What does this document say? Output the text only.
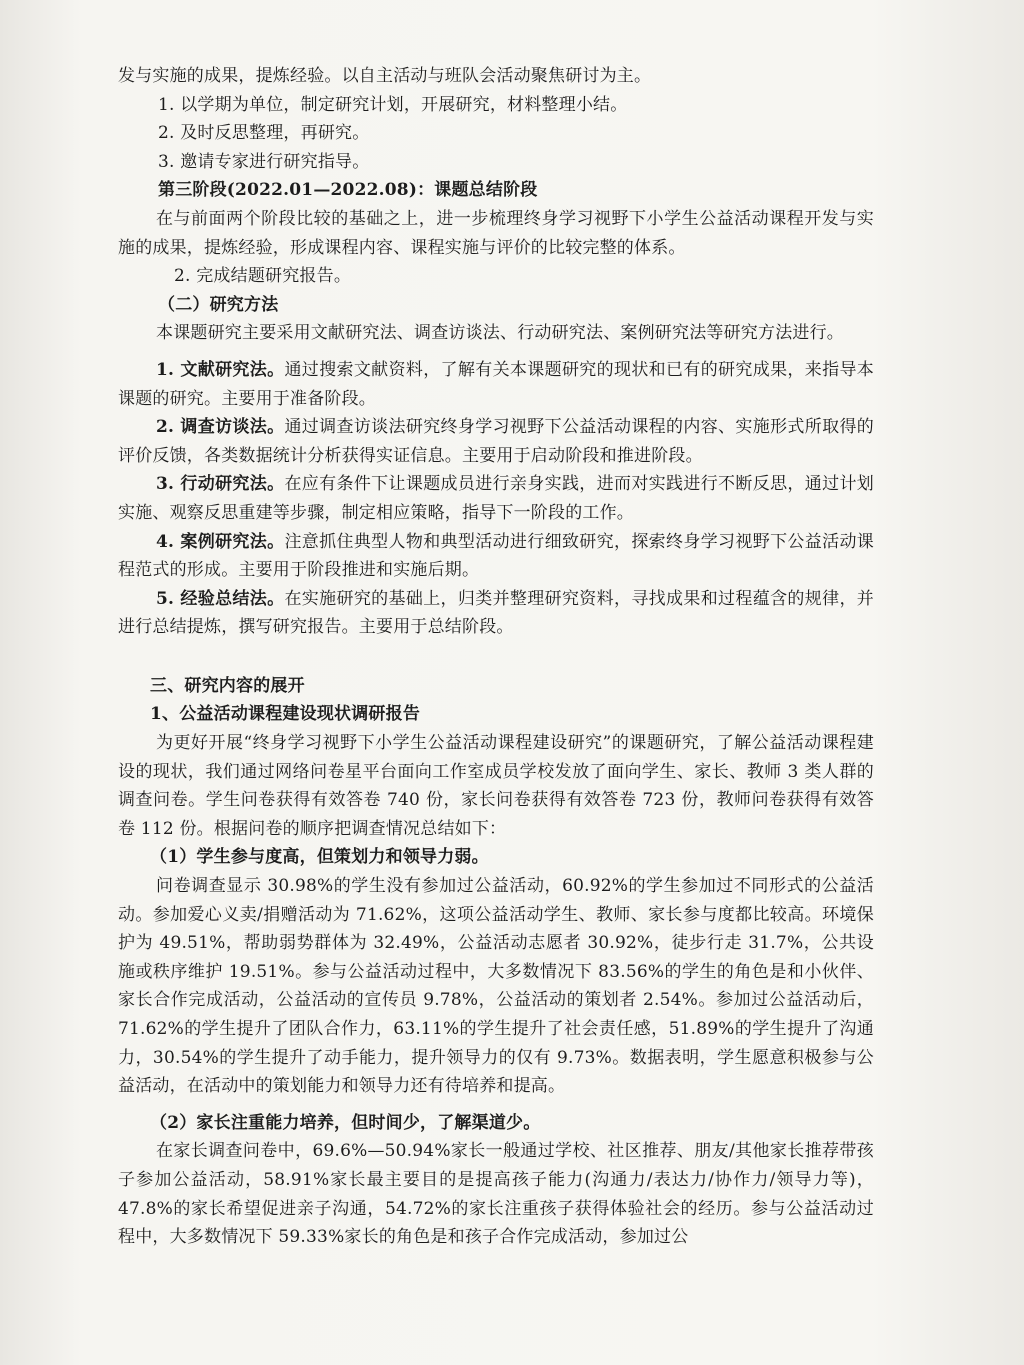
发与实施的成果，提炼经验。以自主活动与班队会活动聚焦研讨为主。

1. 以学期为单位，制定研究计划，开展研究，材料整理小结。

2. 及时反思整理，再研究。

3. 邀请专家进行研究指导。

第三阶段(2022.01—2022.08)：课题总结阶段

在与前面两个阶段比较的基础之上，进一步梳理终身学习视野下小学生公益活动课程开发与实施的成果，提炼经验，形成课程内容、课程实施与评价的比较完整的体系。

2. 完成结题研究报告。

（二）研究方法

本课题研究主要采用文献研究法、调查访谈法、行动研究法、案例研究法等研究方法进行。

1. 文献研究法。通过搜索文献资料，了解有关本课题研究的现状和已有的研究成果，来指导本课题的研究。主要用于准备阶段。

2. 调查访谈法。通过调查访谈法研究终身学习视野下公益活动课程的内容、实施形式所取得的评价反馈，各类数据统计分析获得实证信息。主要用于启动阶段和推进阶段。

3. 行动研究法。在应有条件下让课题成员进行亲身实践，进而对实践进行不断反思，通过计划实施、观察反思重建等步骤，制定相应策略，指导下一阶段的工作。

4. 案例研究法。注意抓住典型人物和典型活动进行细致研究，探索终身学习视野下公益活动课程范式的形成。主要用于阶段推进和实施后期。

5. 经验总结法。在实施研究的基础上，归类并整理研究资料，寻找成果和过程蕴含的规律，并进行总结提炼，撰写研究报告。主要用于总结阶段。

三、研究内容的展开

1、公益活动课程建设现状调研报告

为更好开展“终身学习视野下小学生公益活动课程建设研究”的课题研究，了解公益活动课程建设的现状，我们通过网络问卷星平台面向工作室成员学校发放了面向学生、家长、教师 3 类人群的调查问卷。学生问卷获得有效答卷 740 份，家长问卷获得有效答卷 723 份，教师问卷获得有效答卷 112 份。根据问卷的顺序把调查情况总结如下：

（1）学生参与度高，但策划力和领导力弱。

问卷调查显示 30.98%的学生没有参加过公益活动，60.92%的学生参加过不同形式的公益活动。参加爱心义卖/捐赠活动为 71.62%，这项公益活动学生、教师、家长参与度都比较高。环境保护为 49.51%，帮助弱势群体为 32.49%，公益活动志愿者 30.92%，徒步行走 31.7%，公共设施或秩序维护 19.51%。参与公益活动过程中，大多数情况下 83.56%的学生的角色是和小伙伴、家长合作完成活动，公益活动的宣传员 9.78%，公益活动的策划者 2.54%。参加过公益活动后，71.62%的学生提升了团队合作力，63.11%的学生提升了社会责任感，51.89%的学生提升了沟通力，30.54%的学生提升了动手能力，提升领导力的仅有 9.73%。数据表明，学生愿意积极参与公益活动，在活动中的策划能力和领导力还有待培养和提高。

（2）家长注重能力培养，但时间少，了解渠道少。

在家长调查问卷中，69.6%—50.94%家长一般通过学校、社区推荐、朋友/其他家长推荐带孩子参加公益活动，58.91%家长最主要目的是提高孩子能力(沟通力/表达力/协作力/领导力等)，47.8%的家长希望促进亲子沟通，54.72%的家长注重孩子获得体验社会的经历。参与公益活动过程中，大多数情况下 59.33%家长的角色是和孩子合作完成活动，参加过公
